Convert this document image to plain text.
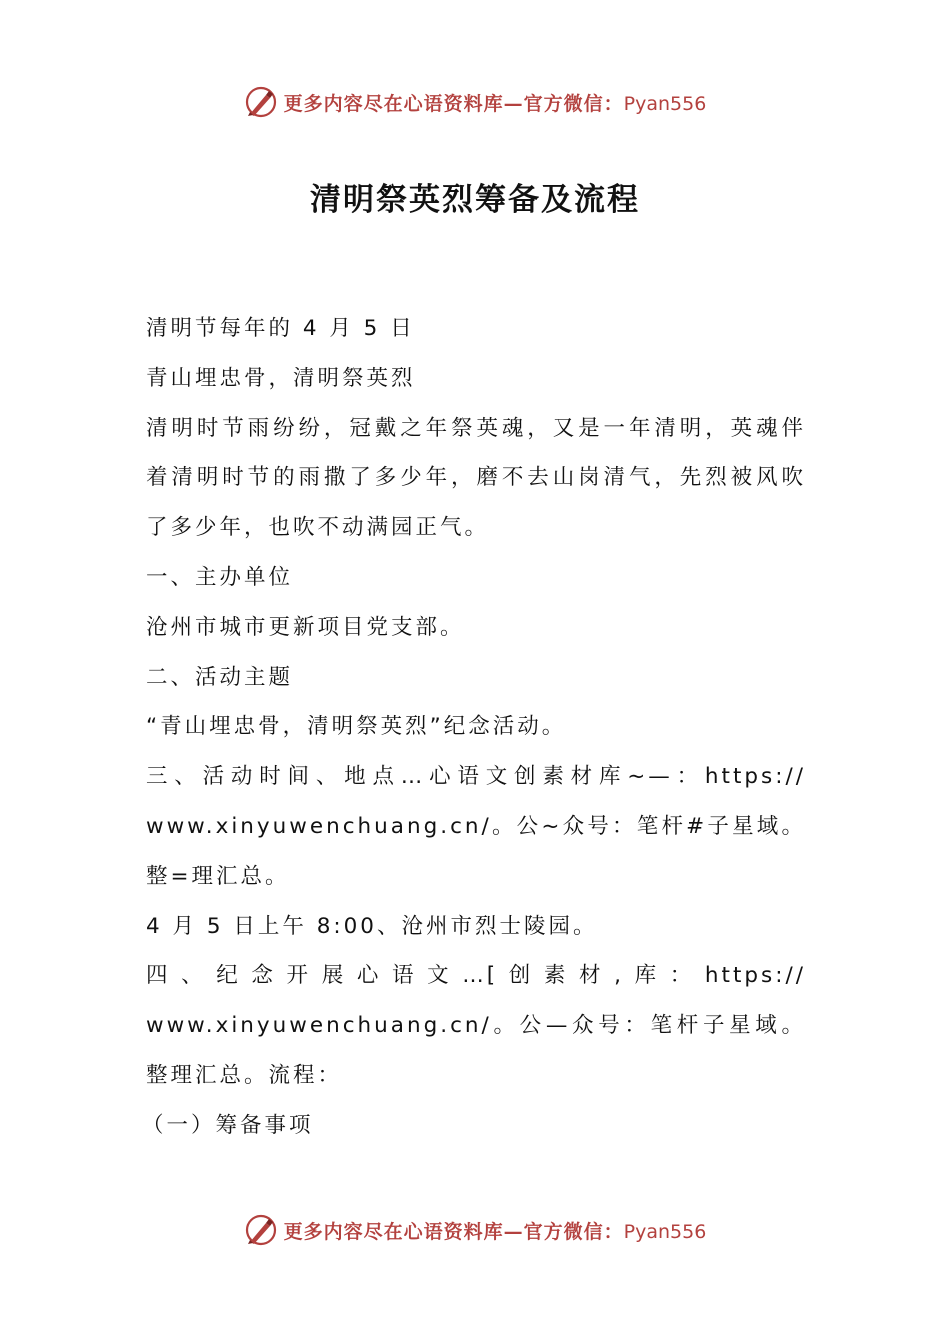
更多内容尽在心语资料库—官方微信：Pyan556
清明祭英烈筹备及流程

清明节每年的 4 月 5 日

青山埋忠骨，清明祭英烈

清明时节雨纷纷，冠戴之年祭英魂，又是一年清明，英魂伴着清明时节的雨撒了多少年，磨不去山岗清气，先烈被风吹了多少年，也吹不动满园正气。

一、主办单位

沧州市城市更新项目党支部。

二、活动主题

“青山埋忠骨，清明祭英烈”纪念活动。

三、活动时间、地点…心语文创素材库~—：https://

www.xinyuwenchuang.cn/。公~众号：笔杆#子星域。整=理汇总。

4 月 5 日上午 8:00、沧州市烈士陵园。

四、纪念开展心语文…[创素材,库：https://

www.xinyuwenchuang.cn/。公—众号：笔杆子星域。整理汇总。流程：

（一）筹备事项

更多内容尽在心语资料库—官方微信：Pyan556
